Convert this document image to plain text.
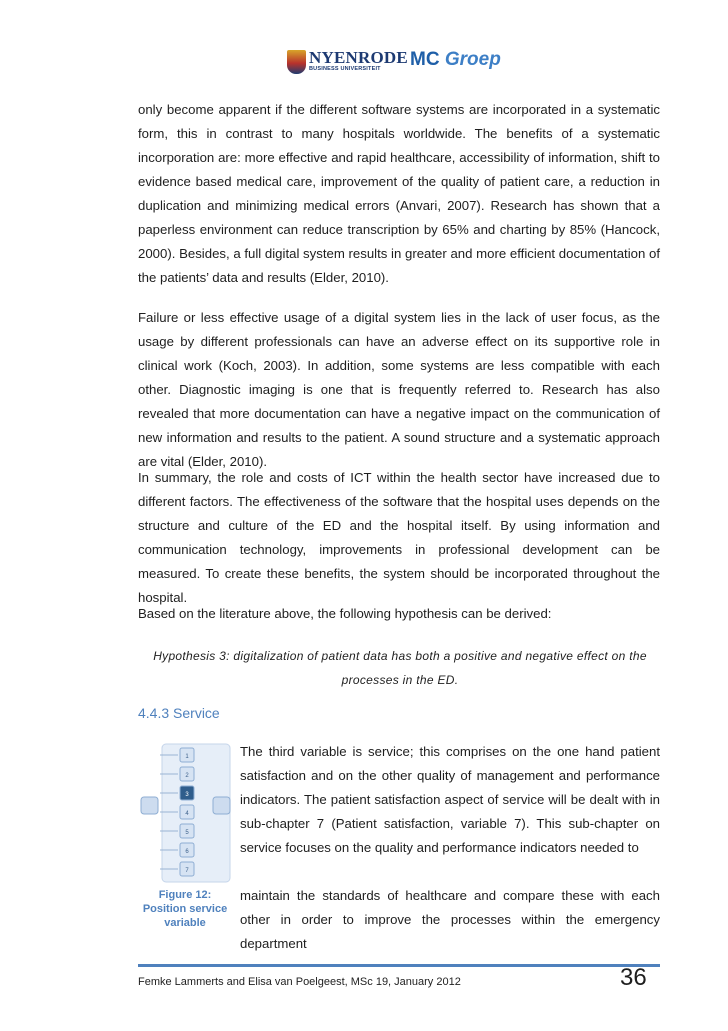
NYENRODE
BUSINESS UNIVERSITEIT MC Groep
only become apparent if the different software systems are incorporated in a systematic form, this in contrast to many hospitals worldwide. The benefits of a systematic incorporation are: more effective and rapid healthcare, accessibility of information, shift to evidence based medical care, improvement of the quality of patient care, a reduction in duplication and minimizing medical errors (Anvari, 2007). Research has shown that a paperless environment can reduce transcription by 65% and charting by 85% (Hancock, 2000). Besides, a full digital system results in greater and more efficient documentation of the patients’ data and results (Elder, 2010).
Failure or less effective usage of a digital system lies in the lack of user focus, as the usage by different professionals can have an adverse effect on its supportive role in clinical work (Koch, 2003). In addition, some systems are less compatible with each other. Diagnostic imaging is one that is frequently referred to. Research has also revealed that more documentation can have a negative impact on the communication of new information and results to the patient. A sound structure and a systematic approach are vital (Elder, 2010).
In summary, the role and costs of ICT within the health sector have increased due to different factors. The effectiveness of the software that the hospital uses depends on the structure and culture of the ED and the hospital itself. By using information and communication technology, improvements in professional development can be measured. To create these benefits, the system should be incorporated throughout the hospital.
Based on the literature above, the following hypothesis can be derived:
Hypothesis 3: digitalization of patient data has both a positive and negative effect on the processes in the ED.
4.4.3 Service
1
2
3
4
5
6
7
Figure 12: Position service variable
The third variable is service; this comprises on the one hand patient satisfaction and on the other quality of management and performance indicators. The patient satisfaction aspect of service will be dealt with in sub-chapter 7 (Patient satisfaction, variable 7). This sub-chapter on service focuses on the quality and performance indicators needed to
maintain the standards of healthcare and compare these with each other in order to improve the processes within the emergency department
Femke Lammerts and Elisa van Poelgeest, MSc 19, January 2012	36
